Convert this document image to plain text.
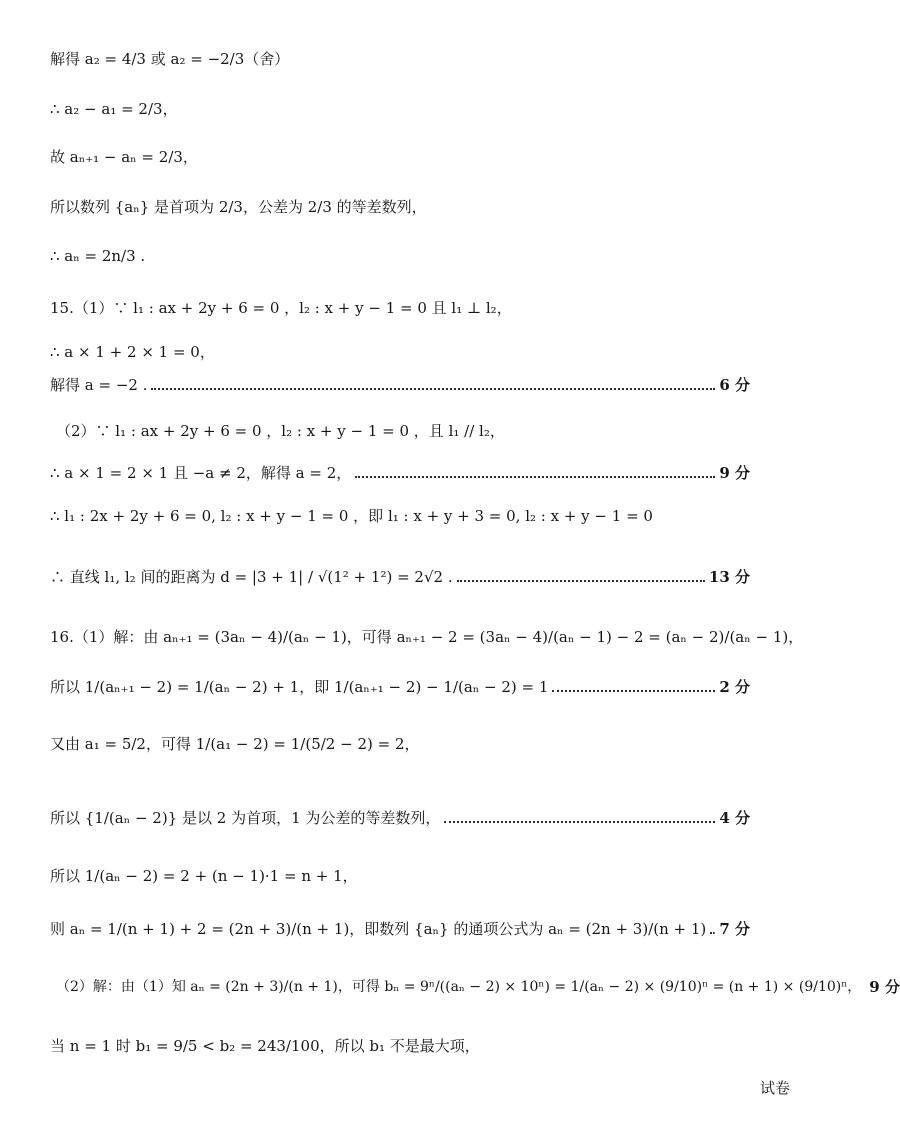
解得 a₂ = 4/3 或 a₂ = −2/3（舍）
∴ a₂ − a₁ = 2/3，
故 aₙ₊₁ − aₙ = 2/3，
所以数列 {aₙ} 是首项为 2/3，公差为 2/3 的等差数列，
∴ aₙ = 2n/3 .
15.（1）∵ l₁ : ax + 2y + 6 = 0 ，l₂ : x + y − 1 = 0 且 l₁ ⊥ l₂，
∴ a × 1 + 2 × 1 = 0，
解得 a = −2 .	6 分
（2）∵ l₁ : ax + 2y + 6 = 0 ，l₂ : x + y − 1 = 0 ，且 l₁ // l₂，
∴ a × 1 = 2 × 1 且 −a ≠ 2，解得 a = 2，	9 分
∴ l₁ : 2x + 2y + 6 = 0, l₂ : x + y − 1 = 0 ，即 l₁ : x + y + 3 = 0, l₂ : x + y − 1 = 0
∴ 直线 l₁, l₂ 间的距离为 d = |3 + 1| / √(1² + 1²) = 2√2 .	13 分
16.（1）解：由 aₙ₊₁ = (3aₙ − 4)/(aₙ − 1)，可得 aₙ₊₁ − 2 = (3aₙ − 4)/(aₙ − 1) − 2 = (aₙ − 2)/(aₙ − 1)，
所以 1/(aₙ₊₁ − 2) = 1/(aₙ − 2) + 1，即 1/(aₙ₊₁ − 2) − 1/(aₙ − 2) = 1	2 分
又由 a₁ = 5/2，可得 1/(a₁ − 2) = 1/(5/2 − 2) = 2，
所以 {1/(aₙ − 2)} 是以 2 为首项，1 为公差的等差数列，	4 分
所以 1/(aₙ − 2) = 2 + (n − 1)·1 = n + 1，
则 aₙ = 1/(n + 1) + 2 = (2n + 3)/(n + 1)，即数列 {aₙ} 的通项公式为 aₙ = (2n + 3)/(n + 1) 7 分
（2）解：由（1）知 aₙ = (2n + 3)/(n + 1)，可得 bₙ = 9ⁿ/((aₙ − 2) × 10ⁿ) = 1/(aₙ − 2) × (9/10)ⁿ = (n + 1) × (9/10)ⁿ， 9 分
当 n = 1 时 b₁ = 9/5 < b₂ = 243/100，所以 b₁ 不是最大项，
试卷
